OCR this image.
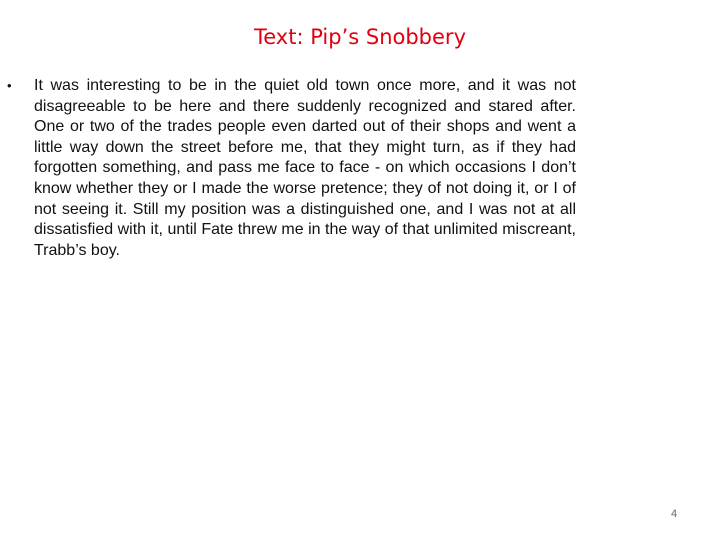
Text: Pip’s Snobbery
• It was interesting to be in the quiet old town once more, and it was not disagreeable to be here and there suddenly recognized and stared after. One or two of the trades people even darted out of their shops and went a little way down the street before me, that they might turn, as if they had forgotten something, and pass me face to face - on which occasions I don’t know whether they or I made the worse pretence; they of not doing it, or I of not seeing it. Still my position was a distinguished one, and I was not at all dissatisfied with it, until Fate threw me in the way of that unlimited miscreant, Trabb’s boy.

4
